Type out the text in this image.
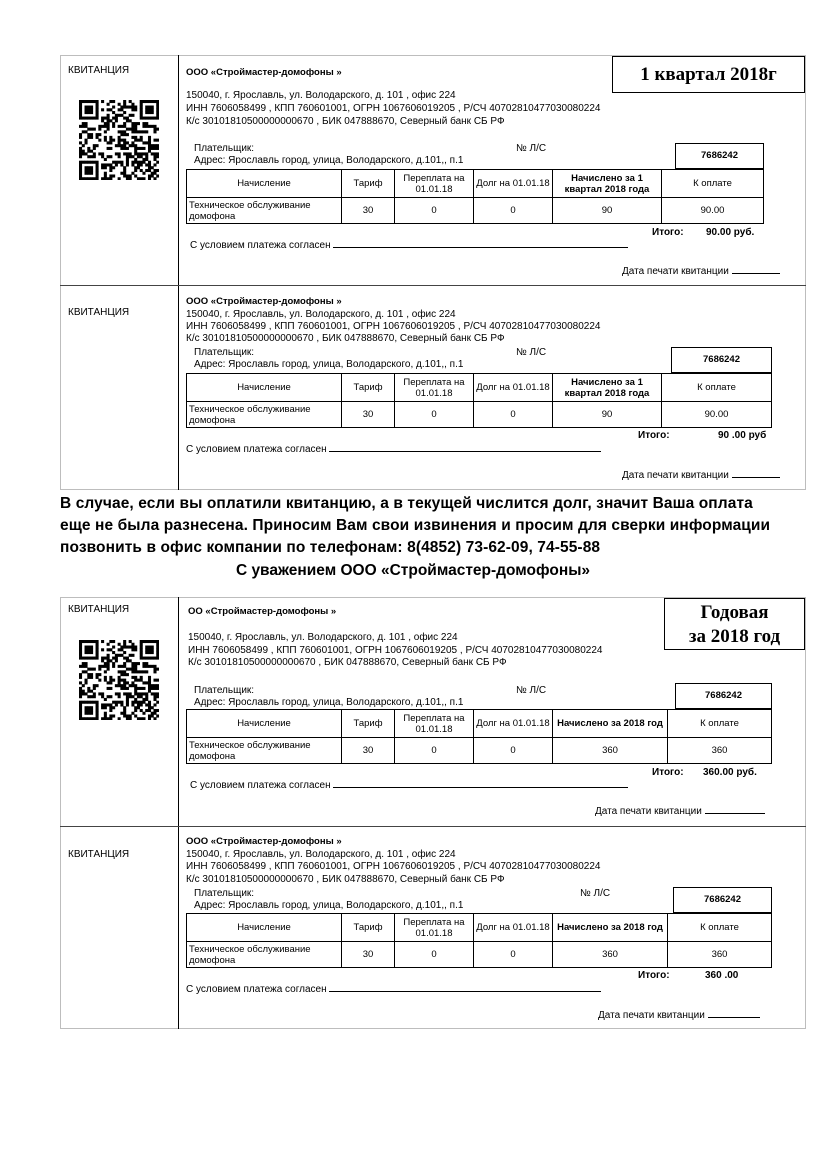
1 квартал 2018г
КВИТАНЦИЯ	ООО «Строймастер-домофоны »
150040, г. Ярославль, ул. Володарского, д. 101 , офис 224
ИНН 7606058499 , КПП 760601001, ОГРН 1067606019205 , Р/СЧ 40702810477030080224
К/с 30101810500000000670 , БИК 047888670, Северный банк СБ РФ
Плательщик:	№ Л/С
Адрес: Ярославль город, улица, Володарского, д.101,, п.1	7686242
Начисление	Тариф	Переплата на 01.01.18	Долг на 01.01.18	Начислено за 1 квартал 2018 года	К оплате
Техническое обслуживание домофона	30	0	0	90	90.00
Итого: 90.00 руб.
С условием платежа согласен
Дата печати квитанции
КВИТАНЦИЯ
ООО «Строймастер-домофоны »
150040, г. Ярославль, ул. Володарского, д. 101 , офис 224
ИНН 7606058499 , КПП 760601001, ОГРН 1067606019205 , Р/СЧ 40702810477030080224
К/с 30101810500000000670 , БИК 047888670, Северный банк СБ РФ
Плательщик:	№ Л/С
Адрес: Ярославль город, улица, Володарского, д.101,, п.1	7686242
Начисление	Тариф	Переплата на 01.01.18	Долг на 01.01.18	Начислено за 1 квартал 2018 года	К оплате
Техническое обслуживание домофона	30	0	0	90	90.00
Итого:	90 .00 руб
С условием платежа согласен
Дата печати квитанции
В случае, если вы оплатили квитанцию, а в текущей числится долг, значит Ваша оплата еще не была разнесена. Приносим Вам свои извинения и просим для сверки информации позвонить в офис компании по телефонам: 8(4852) 73-62-09, 74-55-88
С уважением ООО «Строймастер-домофоны»
Годовая
за 2018 год
КВИТАНЦИЯ	ОО «Строймастер-домофоны »
150040, г. Ярославль, ул. Володарского, д. 101 , офис 224
ИНН 7606058499 , КПП 760601001, ОГРН 1067606019205 , Р/СЧ 40702810477030080224
К/с 30101810500000000670 , БИК 047888670, Северный банк СБ РФ
Плательщик:	№ Л/С
Адрес: Ярославль город, улица, Володарского, д.101,, п.1
7686242
Начисление	Тариф	Переплата на 01.01.18	Долг на 01.01.18	Начислено за 2018 год	К оплате
Техническое обслуживание домофона	30	0	0	360	360
Итого: 360.00 руб.
С условием платежа согласен
Дата печати квитанции
КВИТАНЦИЯ
ООО «Строймастер-домофоны »
150040, г. Ярославль, ул. Володарского, д. 101 , офис 224
ИНН 7606058499 , КПП 760601001, ОГРН 1067606019205 , Р/СЧ 40702810477030080224
К/с 30101810500000000670 , БИК 047888670, Северный банк СБ РФ
Плательщик:	№ Л/С
Адрес: Ярославль город, улица, Володарского, д.101,, п.1
7686242
Начисление	Тариф	Переплата на 01.01.18	Долг на 01.01.18	Начислено за 2018 год	К оплате
Техническое обслуживание домофона	30	0	0	360	360
Итого:	360 .00
С условием платежа согласен
Дата печати квитанции
